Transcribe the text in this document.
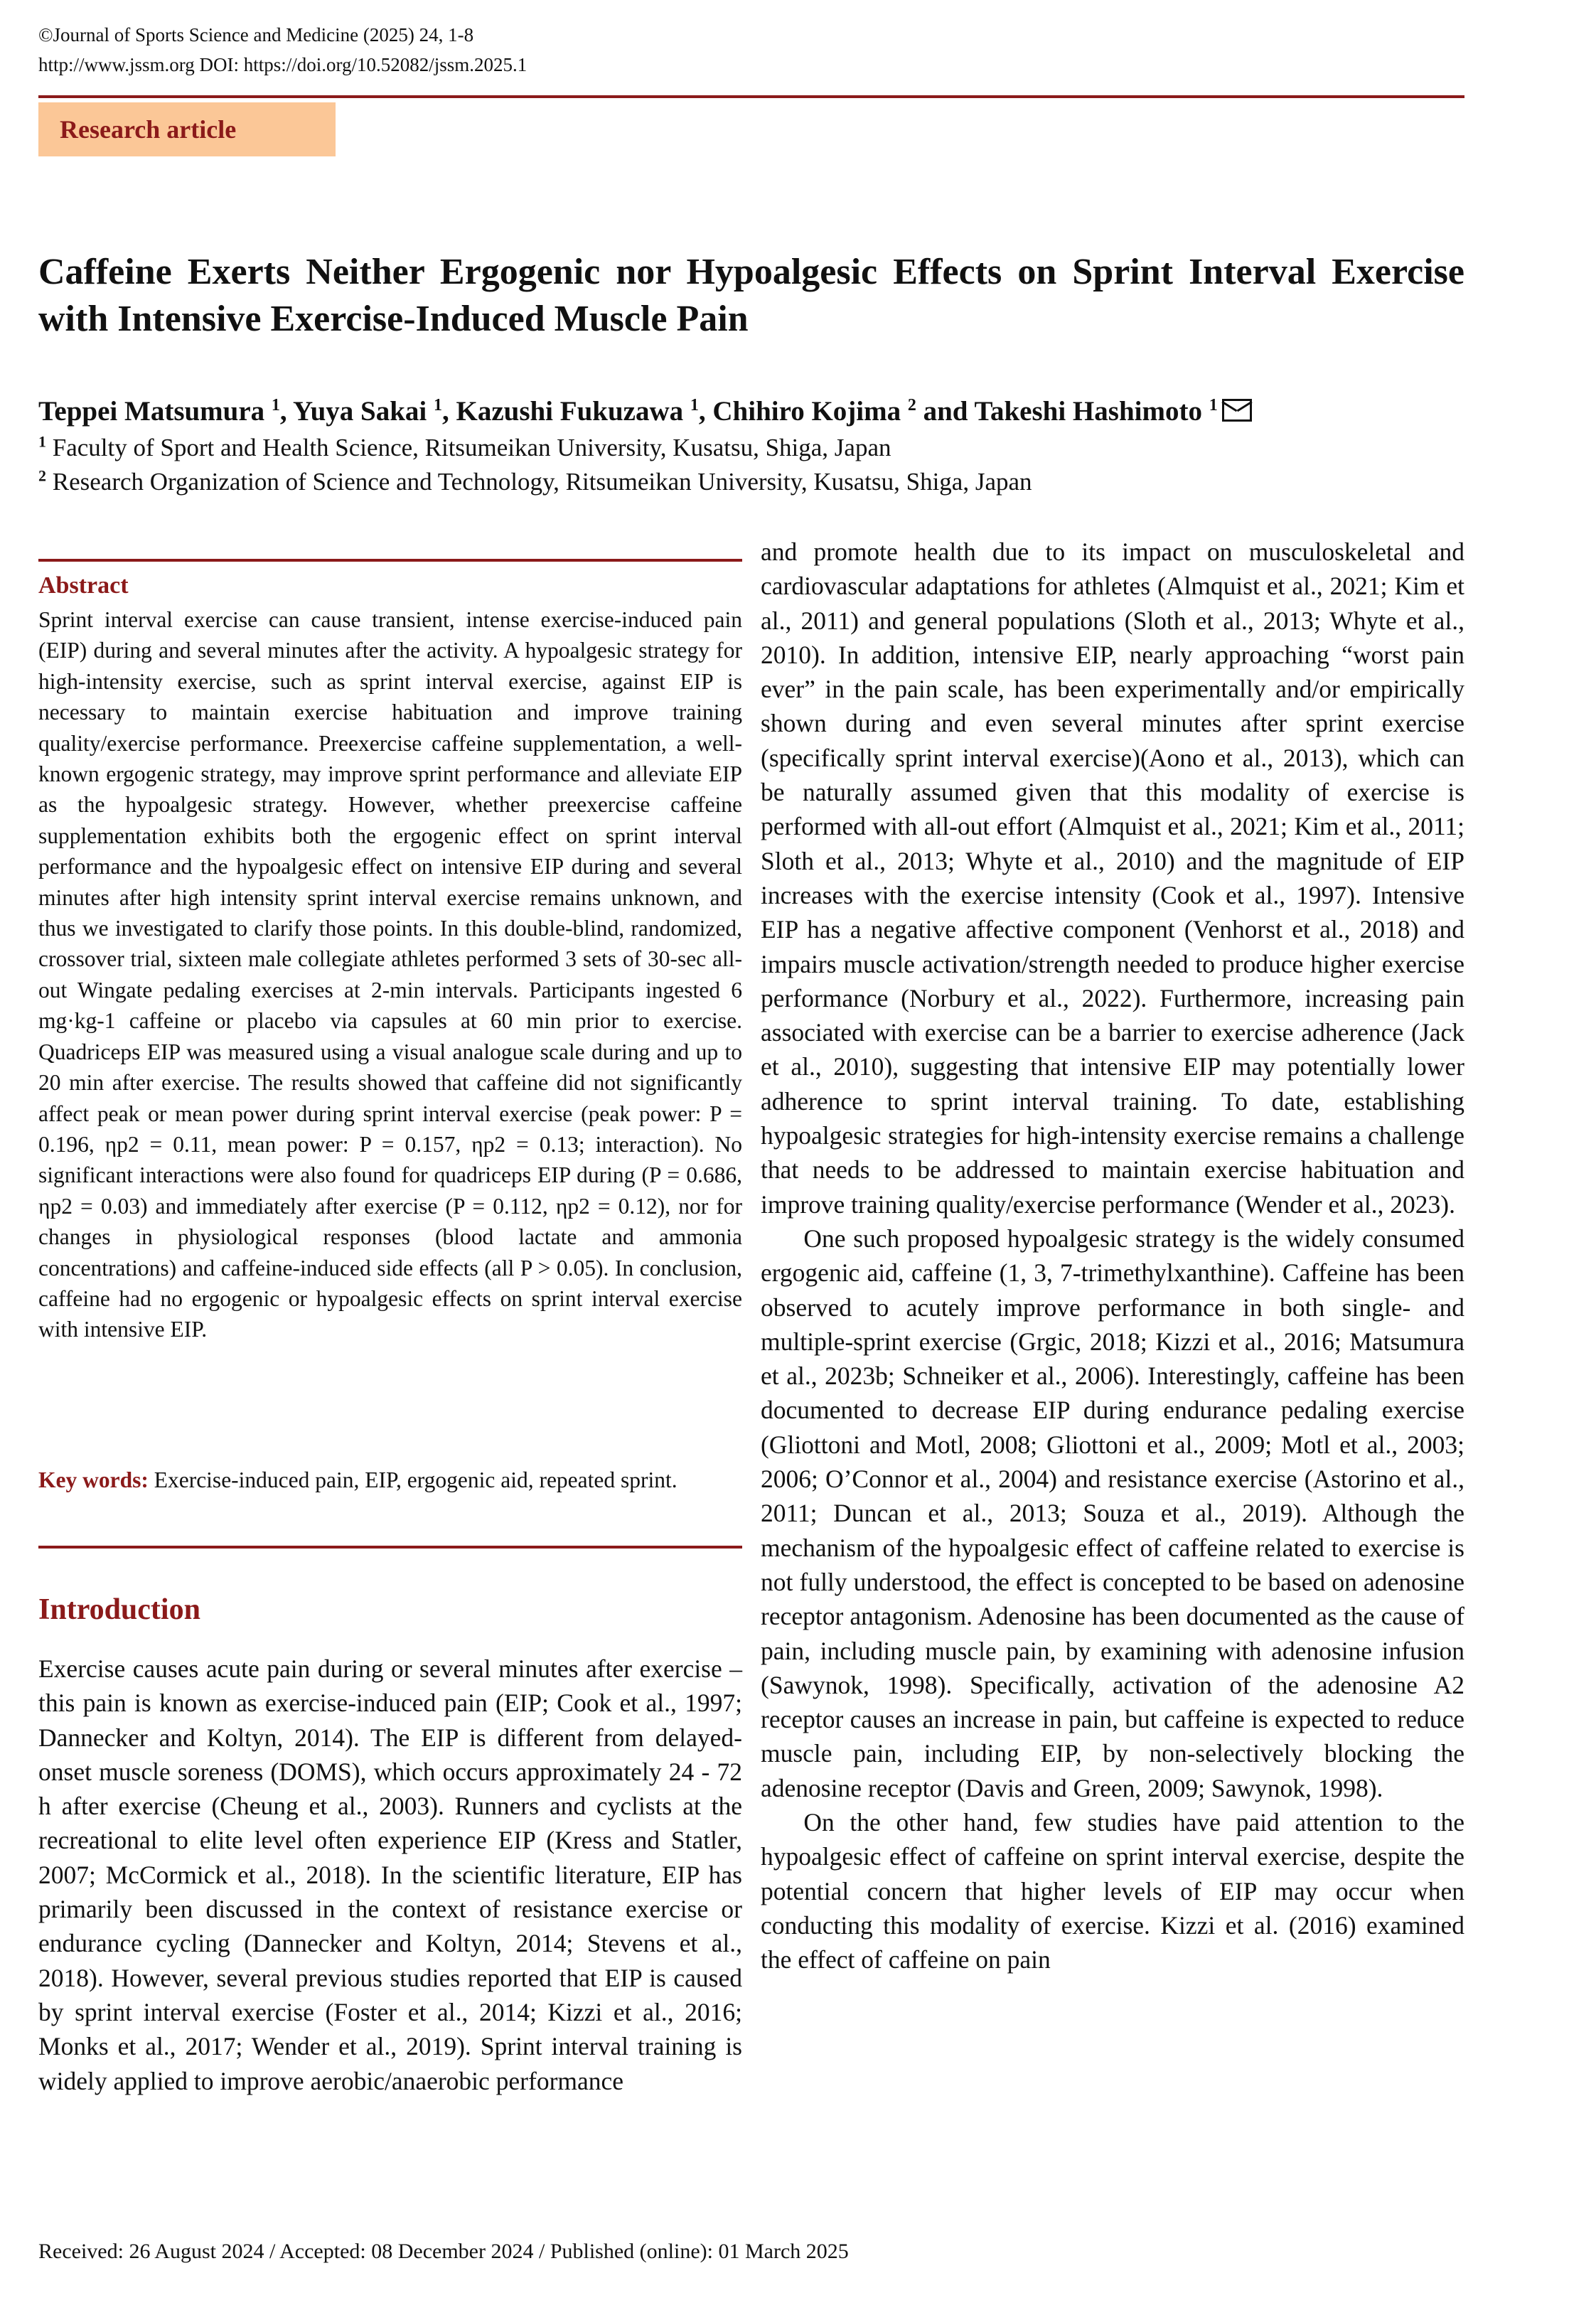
©Journal of Sports Science and Medicine (2025) 24, 1-8
http://www.jssm.org DOI: https://doi.org/10.52082/jssm.2025.1
Research article
Caffeine Exerts Neither Ergogenic nor Hypoalgesic Effects on Sprint Interval Exercise with Intensive Exercise-Induced Muscle Pain
Teppei Matsumura $^1$, Yuya Sakai $^1$, Kazushi Fukuzawa $^1$, Chihiro Kojima $^2$ and Takeshi Hashimoto $^1$
$^1$ Faculty of Sport and Health Science, Ritsumeikan University, Kusatsu, Shiga, Japan
$^2$ Research Organization of Science and Technology, Ritsumeikan University, Kusatsu, Shiga, Japan
Abstract
Sprint interval exercise can cause transient, intense exercise-induced pain (EIP) during and several minutes after the activity. A hypoalgesic strategy for high-intensity exercise, such as sprint interval exercise, against EIP is necessary to maintain exercise habituation and improve training quality/exercise performance. Preexercise caffeine supplementation, a well-known ergogenic strategy, may improve sprint performance and alleviate EIP as the hypoalgesic strategy. However, whether preexercise caffeine supplementation exhibits both the ergogenic effect on sprint interval performance and the hypoalgesic effect on intensive EIP during and several minutes after high intensity sprint interval exercise remains unknown, and thus we investigated to clarify those points. In this double-blind, randomized, crossover trial, sixteen male collegiate athletes performed 3 sets of 30-sec all-out Wingate pedaling exercises at 2-min intervals. Participants ingested 6 mg·kg-1 caffeine or placebo via capsules at 60 min prior to exercise. Quadriceps EIP was measured using a visual analogue scale during and up to 20 min after exercise. The results showed that caffeine did not significantly affect peak or mean power during sprint interval exercise (peak power: P = 0.196, ηp2 = 0.11, mean power: P = 0.157, ηp2 = 0.13; interaction). No significant interactions were also found for quadriceps EIP during (P = 0.686, ηp2 = 0.03) and immediately after exercise (P = 0.112, ηp2 = 0.12), nor for changes in physiological responses (blood lactate and ammonia concentrations) and caffeine-induced side effects (all P > 0.05). In conclusion, caffeine had no ergogenic or hypoalgesic effects on sprint interval exercise with intensive EIP.
Key words: Exercise-induced pain, EIP, ergogenic aid, repeated sprint.
Introduction

Exercise causes acute pain during or several minutes after exercise – this pain is known as exercise-induced pain (EIP; Cook et al., 1997; Dannecker and Koltyn, 2014). The EIP is different from delayed-onset muscle soreness (DOMS), which occurs approximately 24 - 72 h after exercise (Cheung et al., 2003). Runners and cyclists at the recreational to elite level often experience EIP (Kress and Statler, 2007; McCormick et al., 2018). In the scientific literature, EIP has primarily been discussed in the context of resistance exercise or endurance cycling (Dannecker and Koltyn, 2014; Stevens et al., 2018). However, several previous studies reported that EIP is caused by sprint interval exercise (Foster et al., 2014; Kizzi et al., 2016; Monks et al., 2017; Wender et al., 2019). Sprint interval training is widely applied to improve aerobic/anaerobic performance

and promote health due to its impact on musculoskeletal and cardiovascular adaptations for athletes (Almquist et al., 2021; Kim et al., 2011) and general populations (Sloth et al., 2013; Whyte et al., 2010). In addition, intensive EIP, nearly approaching “worst pain ever” in the pain scale, has been experimentally and/or empirically shown during and even several minutes after sprint exercise (specifically sprint interval exercise)(Aono et al., 2013), which can be naturally assumed given that this modality of exercise is performed with all-out effort (Almquist et al., 2021; Kim et al., 2011; Sloth et al., 2013; Whyte et al., 2010) and the magnitude of EIP increases with the exercise intensity (Cook et al., 1997). Intensive EIP has a negative affective component (Venhorst et al., 2018) and impairs muscle activation/strength needed to produce higher exercise performance (Norbury et al., 2022). Furthermore, increasing pain associated with exercise can be a barrier to exercise adherence (Jack et al., 2010), suggesting that intensive EIP may potentially lower adherence to sprint interval training. To date, establishing hypoalgesic strategies for high-intensity exercise remains a challenge that needs to be addressed to maintain exercise habituation and improve training quality/exercise performance (Wender et al., 2023).

One such proposed hypoalgesic strategy is the widely consumed ergogenic aid, caffeine (1, 3, 7-trimethylxanthine). Caffeine has been observed to acutely improve performance in both single- and multiple-sprint exercise (Grgic, 2018; Kizzi et al., 2016; Matsumura et al., 2023b; Schneiker et al., 2006). Interestingly, caffeine has been documented to decrease EIP during endurance pedaling exercise (Gliottoni and Motl, 2008; Gliottoni et al., 2009; Motl et al., 2003; 2006; O’Connor et al., 2004) and resistance exercise (Astorino et al., 2011; Duncan et al., 2013; Souza et al., 2019). Although the mechanism of the hypoalgesic effect of caffeine related to exercise is not fully understood, the effect is concepted to be based on adenosine receptor antagonism. Adenosine has been documented as the cause of pain, including muscle pain, by examining with adenosine infusion (Sawynok, 1998). Specifically, activation of the adenosine A2 receptor causes an increase in pain, but caffeine is expected to reduce muscle pain, including EIP, by non-selectively blocking the adenosine receptor (Davis and Green, 2009; Sawynok, 1998).

On the other hand, few studies have paid attention to the hypoalgesic effect of caffeine on sprint interval exercise, despite the potential concern that higher levels of EIP may occur when conducting this modality of exercise. Kizzi et al. (2016) examined the effect of caffeine on pain

Received: 26 August 2024 / Accepted: 08 December 2024 / Published (online): 01 March 2025
